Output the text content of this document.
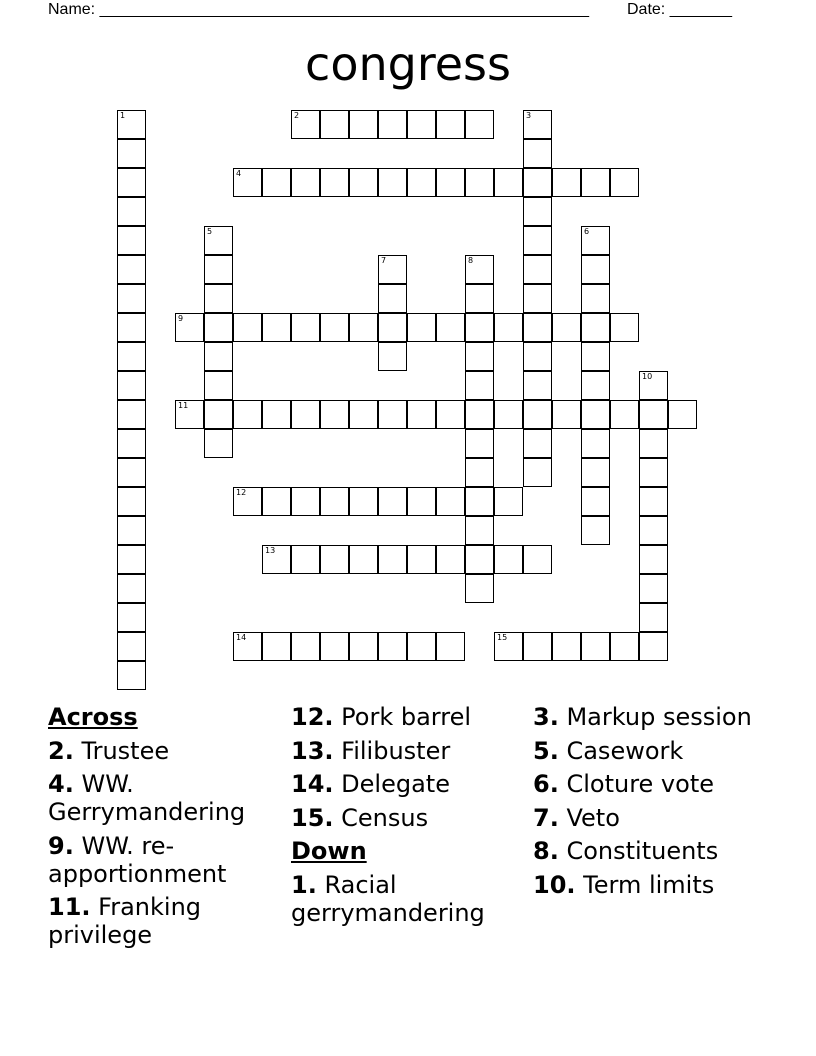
Name: _______________________________________________________ Date: _______
congress
2
4
9
11
12
13
14	15
1	3
5	6
7	8
10
Across
2. Trustee
4. WW. Gerrymandering
9. WW. re-apportionment
11. Franking privilege
12. Pork barrel
13. Filibuster
14. Delegate
15. Census
Down
1. Racial gerrymandering
3. Markup session
5. Casework
6. Cloture vote
7. Veto
8. Constituents
10. Term limits
